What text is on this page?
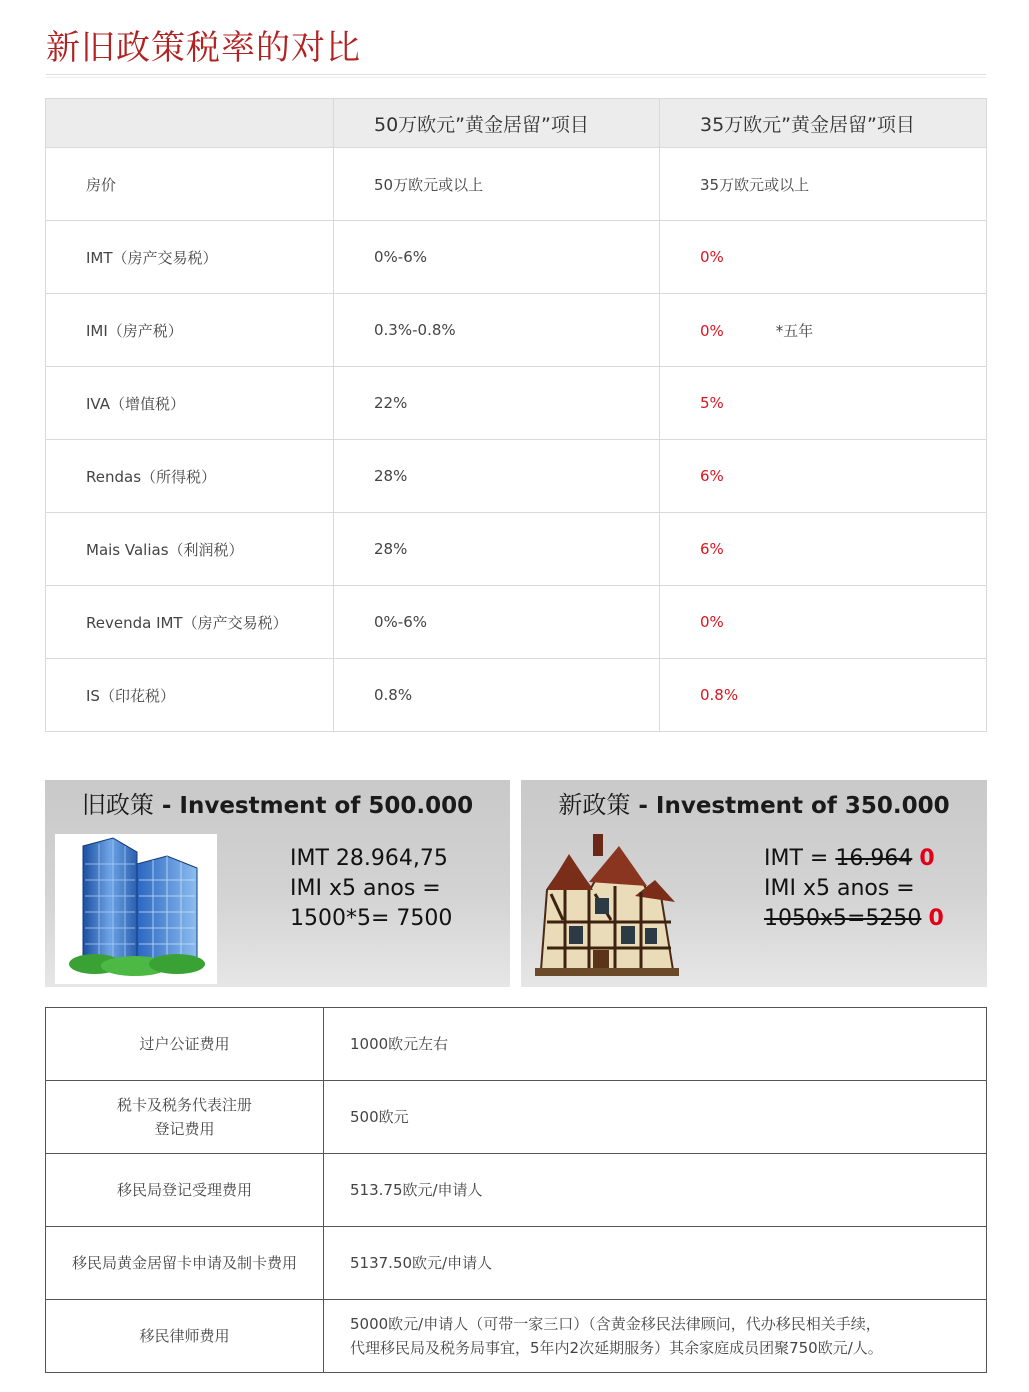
新旧政策税率的对比
	50万欧元”黄金居留”项目	35万欧元”黄金居留”项目
房价	50万欧元或以上	35万欧元或以上
IMT（房产交易税）	0%-6%	0%
IMI（房产税）	0.3%-0.8%	0% *五年
IVA（增值税）	22%	5%
Rendas（所得税）	28%	6%
Mais Valias（利润税）	28%	6%
Revenda IMT（房产交易税）	0%-6%	0%
IS（印花税）	0.8%	0.8%
旧政策 - Investment of 500.000
IMT 28.964,75
IMI x5 anos =
1500*5= 7500
新政策 - Investment of 350.000
IMT = 16.964 0
IMI x5 anos =
1050x5=5250 0
过户公证费用	1000欧元左右
税卡及税务代表注册
登记费用	500欧元
移民局登记受理费用	513.75欧元/申请人
移民局黄金居留卡申请及制卡费用	5137.50欧元/申请人
移民律师费用	5000欧元/申请人（可带一家三口）（含黄金移民法律顾问，代办移民相关手续，
代理移民局及税务局事宜，5年内2次延期服务）其余家庭成员团聚750欧元/人。
